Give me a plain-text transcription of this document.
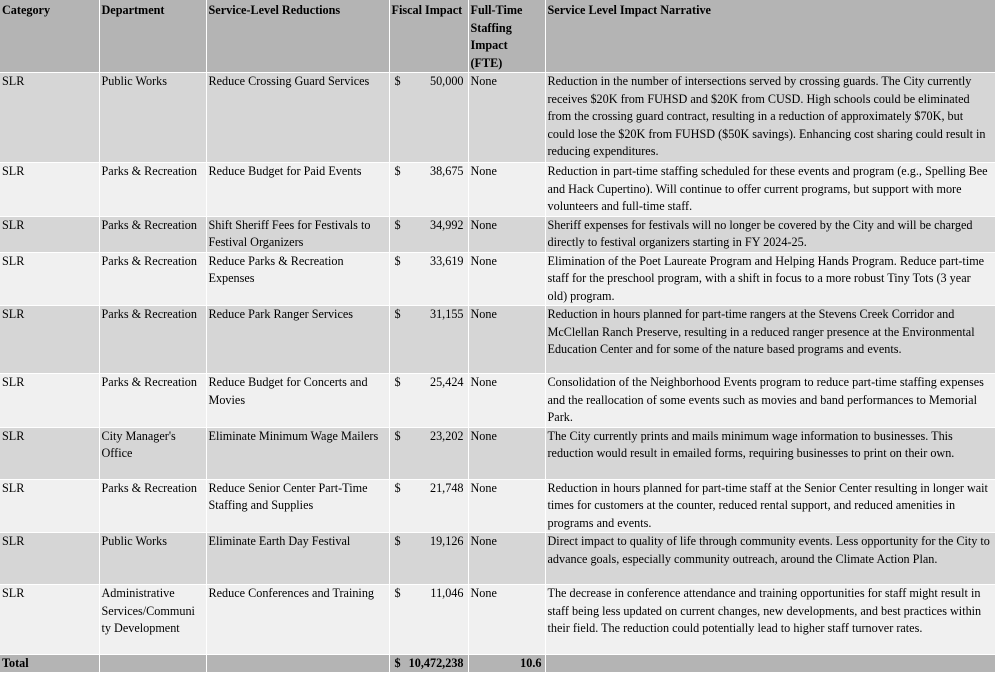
Category	Department	Service-Level Reductions	Fiscal Impact	Full-Time Staffing Impact (FTE)	Service Level Impact Narrative
SLR	Public Works	Reduce Crossing Guard Services	$ 50,000	None	Reduction in the number of intersections served by crossing guards. The City currently receives $20K from FUHSD and $20K from CUSD. High schools could be eliminated from the crossing guard contract, resulting in a reduction of approximately $70K, but could lose the $20K from FUHSD ($50K savings). Enhancing cost sharing could result in reducing expenditures.
SLR	Parks & Recreation	Reduce Budget for Paid Events	$ 38,675	None	Reduction in part-time staffing scheduled for these events and program (e.g., Spelling Bee and Hack Cupertino). Will continue to offer current programs, but support with more volunteers and full-time staff.
SLR	Parks & Recreation	Shift Sheriff Fees for Festivals to Festival Organizers	$ 34,992	None	Sheriff expenses for festivals will no longer be covered by the City and will be charged directly to festival organizers starting in FY 2024-25.
SLR	Parks & Recreation	Reduce Parks & Recreation Expenses	$ 33,619	None	Elimination of the Poet Laureate Program and Helping Hands Program. Reduce part-time staff for the preschool program, with a shift in focus to a more robust Tiny Tots (3 year old) program.
SLR	Parks & Recreation	Reduce Park Ranger Services	$ 31,155	None	Reduction in hours planned for part-time rangers at the Stevens Creek Corridor and McClellan Ranch Preserve, resulting in a reduced ranger presence at the Environmental Education Center and for some of the nature based programs and events.
SLR	Parks & Recreation	Reduce Budget for Concerts and Movies	$ 25,424	None	Consolidation of the Neighborhood Events program to reduce part-time staffing expenses and the reallocation of some events such as movies and band performances to Memorial Park.
SLR	City Manager's Office	Eliminate Minimum Wage Mailers	$ 23,202	None	The City currently prints and mails minimum wage information to businesses. This reduction would result in emailed forms, requiring businesses to print on their own.
SLR	Parks & Recreation	Reduce Senior Center Part-Time Staffing and Supplies	$ 21,748	None	Reduction in hours planned for part-time staff at the Senior Center resulting in longer wait times for customers at the counter, reduced rental support, and reduced amenities in programs and events.
SLR	Public Works	Eliminate Earth Day Festival	$ 19,126	None	Direct impact to quality of life through community events. Less opportunity for the City to advance goals, especially community outreach, around the Climate Action Plan.
SLR	Administrative Services/Communi ty Development	Reduce Conferences and Training	$ 11,046	None	The decrease in conference attendance and training opportunities for staff might result in staff being less updated on current changes, new developments, and best practices within their field. The reduction could potentially lead to higher staff turnover rates.
Total			$ 10,472,238	10.6	
